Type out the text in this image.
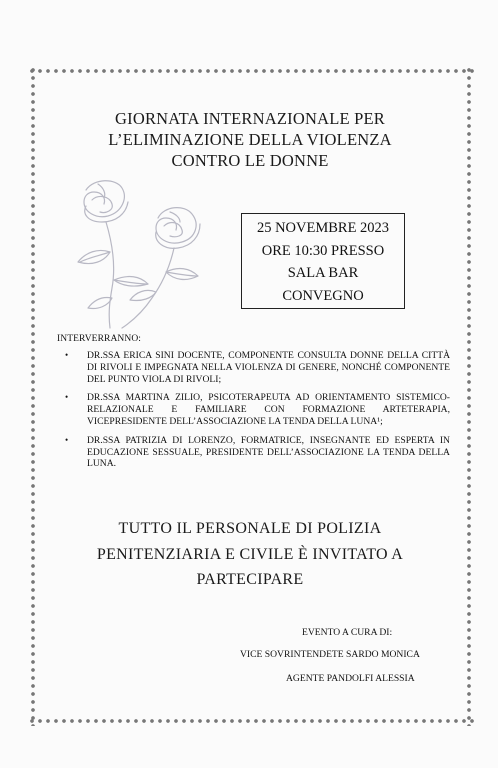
GIORNATA INTERNAZIONALE PER
L’ELIMINAZIONE DELLA VIOLENZA
CONTRO LE DONNE
25 NOVEMBRE 2023
ORE 10:30 PRESSO
SALA BAR
CONVEGNO
INTERVERRANNO:
• DR.SSA ERICA SINI DOCENTE, COMPONENTE CONSULTA DONNE DELLA CITTÀ DI RIVOLI E IMPEGNATA NELLA VIOLENZA DI GENERE, NONCHÉ COMPONENTE DEL PUNTO VIOLA DI RIVOLI;
• DR.SSA MARTINA ZILIO, PSICOTERAPEUTA AD ORIENTAMENTO SISTEMICO-RELAZIONALE E FAMILIARE CON FORMAZIONE ARTETERAPIA, VICEPRESIDENTE DELL’ASSOCIAZIONE LA TENDA DELLA LUNA¹;
• DR.SSA PATRIZIA DI LORENZO, FORMATRICE, INSEGNANTE ED ESPERTA IN EDUCAZIONE SESSUALE, PRESIDENTE DELL’ASSOCIAZIONE LA TENDA DELLA LUNA.
TUTTO IL PERSONALE DI POLIZIA
PENITENZIARIA E CIVILE È INVITATO A
PARTECIPARE
EVENTO A CURA DI:
VICE SOVRINTENDETE SARDO MONICA
AGENTE PANDOLFI ALESSIA
